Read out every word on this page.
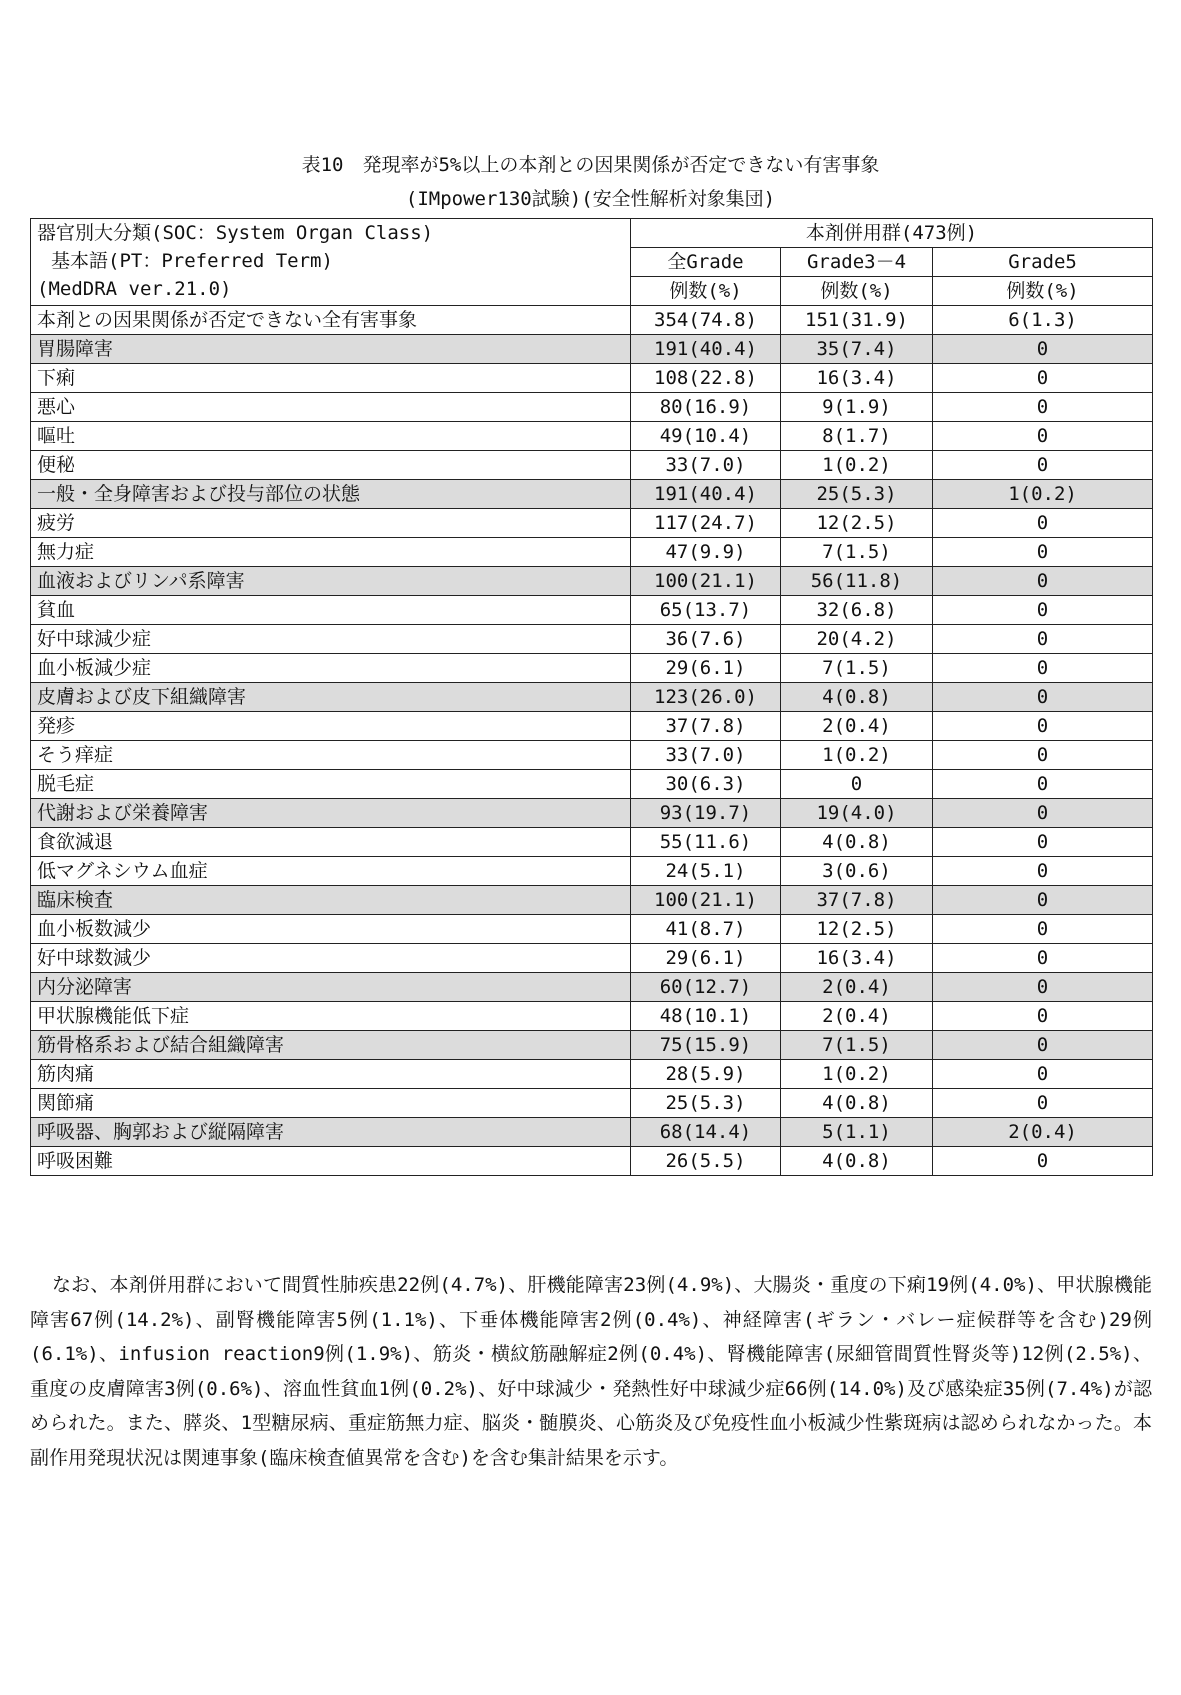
表10　発現率が5%以上の本剤との因果関係が否定できない有害事象
(IMpower130試験)(安全性解析対象集団)
器官別大分類(SOC：System Organ Class)
基本語(PT：Preferred Term)
(MedDRA ver.21.0)	本剤併用群(473例)		
	全Grade	Grade3－4	Grade5
	例数(%)	例数(%)	例数(%)
本剤との因果関係が否定できない全有害事象	354(74.8)	151(31.9)	6(1.3)
胃腸障害	191(40.4)	35(7.4)	0
下痢	108(22.8)	16(3.4)	0
悪心	80(16.9)	9(1.9)	0
嘔吐	49(10.4)	8(1.7)	0
便秘	33(7.0)	1(0.2)	0
一般・全身障害および投与部位の状態	191(40.4)	25(5.3)	1(0.2)
疲労	117(24.7)	12(2.5)	0
無力症	47(9.9)	7(1.5)	0
血液およびリンパ系障害	100(21.1)	56(11.8)	0
貧血	65(13.7)	32(6.8)	0
好中球減少症	36(7.6)	20(4.2)	0
血小板減少症	29(6.1)	7(1.5)	0
皮膚および皮下組織障害	123(26.0)	4(0.8)	0
発疹	37(7.8)	2(0.4)	0
そう痒症	33(7.0)	1(0.2)	0
脱毛症	30(6.3)	0	0
代謝および栄養障害	93(19.7)	19(4.0)	0
食欲減退	55(11.6)	4(0.8)	0
低マグネシウム血症	24(5.1)	3(0.6)	0
臨床検査	100(21.1)	37(7.8)	0
血小板数減少	41(8.7)	12(2.5)	0
好中球数減少	29(6.1)	16(3.4)	0
内分泌障害	60(12.7)	2(0.4)	0
甲状腺機能低下症	48(10.1)	2(0.4)	0
筋骨格系および結合組織障害	75(15.9)	7(1.5)	0
筋肉痛	28(5.9)	1(0.2)	0
関節痛	25(5.3)	4(0.8)	0
呼吸器、胸郭および縦隔障害	68(14.4)	5(1.1)	2(0.4)
呼吸困難	26(5.5)	4(0.8)	0
なお、本剤併用群において間質性肺疾患22例(4.7%)、肝機能障害23例(4.9%)、大腸炎・重度の下痢19例(4.0%)、甲状腺機能障害67例(14.2%)、副腎機能障害5例(1.1%)、下垂体機能障害2例(0.4%)、神経障害(ギラン・バレー症候群等を含む)29例(6.1%)、infusion reaction9例(1.9%)、筋炎・横紋筋融解症2例(0.4%)、腎機能障害(尿細管間質性腎炎等)12例(2.5%)、重度の皮膚障害3例(0.6%)、溶血性貧血1例(0.2%)、好中球減少・発熱性好中球減少症66例(14.0%)及び感染症35例(7.4%)が認められた。また、膵炎、1型糖尿病、重症筋無力症、脳炎・髄膜炎、心筋炎及び免疫性血小板減少性紫斑病は認められなかった。本副作用発現状況は関連事象(臨床検査値異常を含む)を含む集計結果を示す。
